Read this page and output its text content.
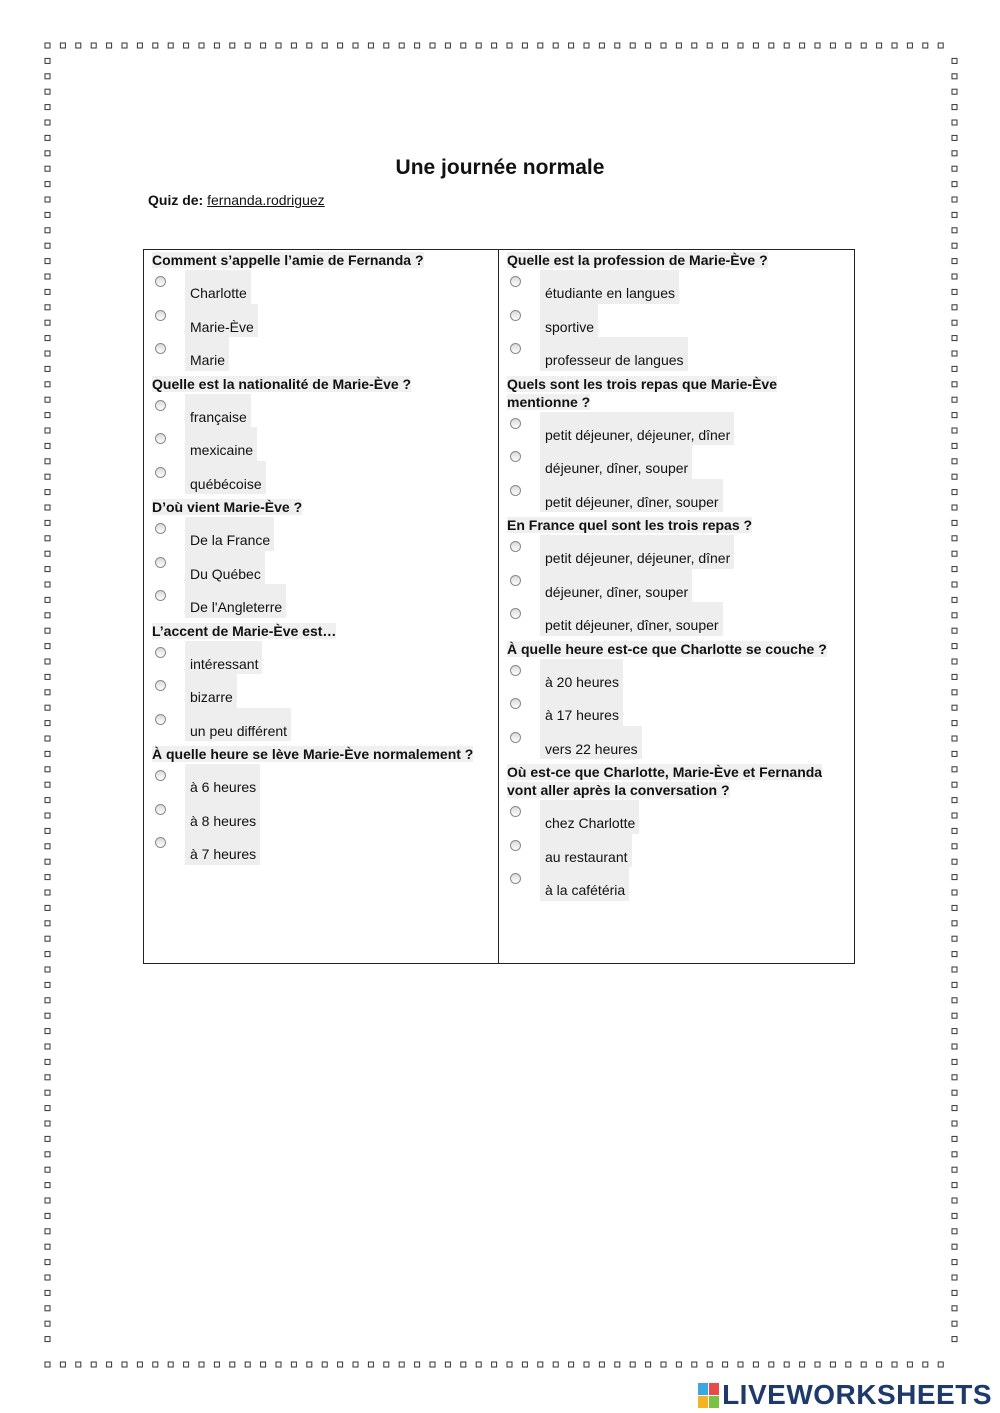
Une journée normale
Quiz de: fernanda.rodriguez
Comment s’appelle l’amie de Fernanda ?
Charlotte
Marie-Ève
Marie
Quelle est la nationalité de Marie-Ève ?
française
mexicaine
québécoise
D’où vient Marie-Ève ?
De la France
Du Québec
De l'Angleterre
L’accent de Marie-Ève est…
intéressant
bizarre
un peu différent
À quelle heure se lève Marie-Ève normalement ?
à 6 heures
à 8 heures
à 7 heures
Quelle est la profession de Marie-Ève ?
étudiante en langues
sportive
professeur de langues
Quels sont les trois repas que Marie-Ève mentionne ?
petit déjeuner, déjeuner, dîner
déjeuner, dîner, souper
petit déjeuner, dîner, souper
En France quel sont les trois repas ?
petit déjeuner, déjeuner, dîner
déjeuner, dîner, souper
petit déjeuner, dîner, souper
À quelle heure est-ce que Charlotte se couche ?
à 20 heures
à 17 heures
vers 22 heures
Où est-ce que Charlotte, Marie-Ève et Fernanda vont aller après la conversation ?
chez Charlotte
au restaurant
à la cafétéria
LIVEWORKSHEETS
